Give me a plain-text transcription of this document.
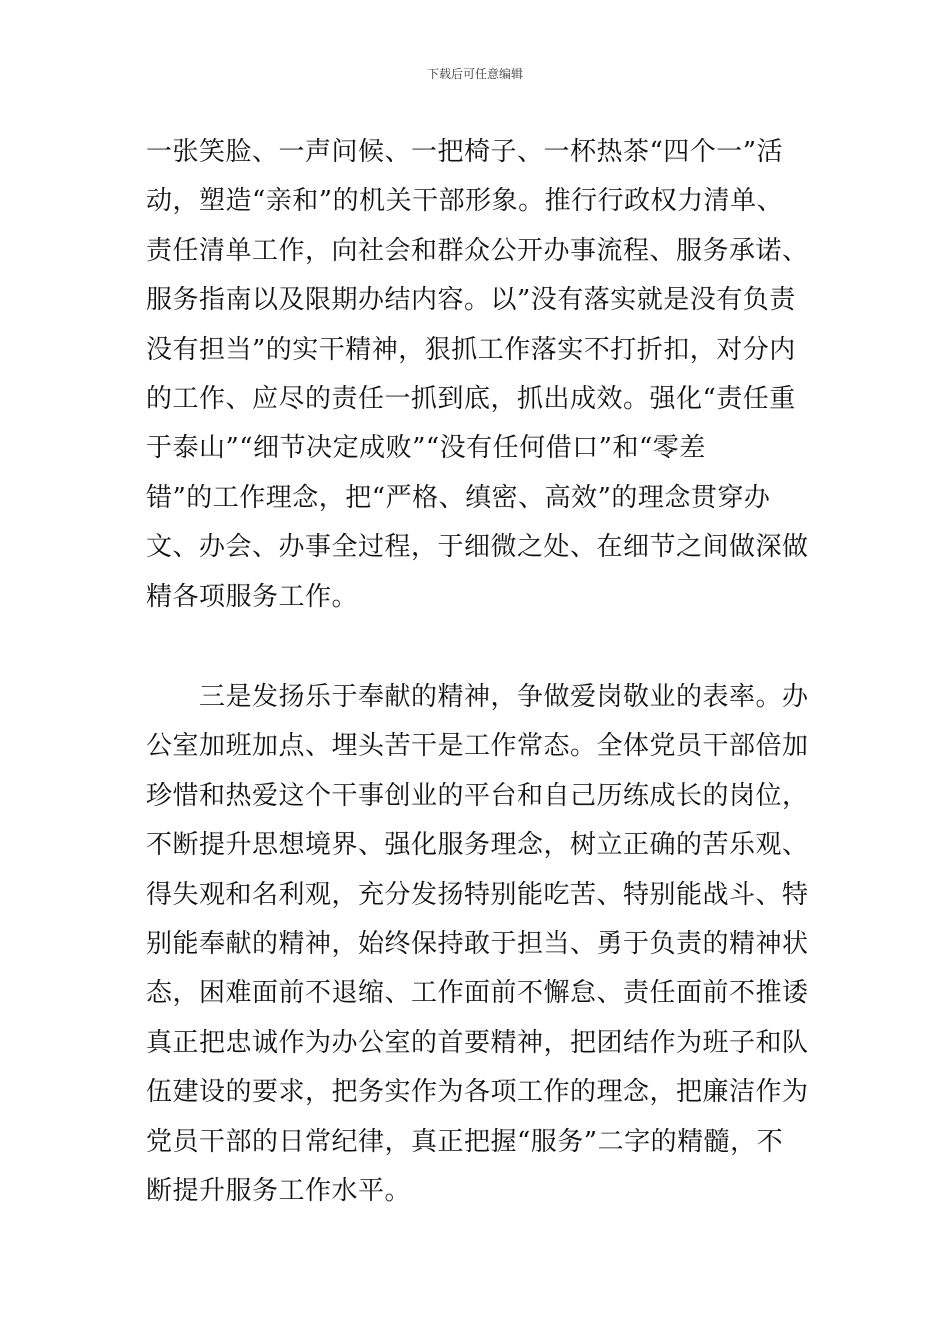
下载后可任意编辑
一张笑脸、一声问候、一把椅子、一杯热茶“四个一”活
动，塑造“亲和”的机关干部形象。推行行政权力清单、
责任清单工作，向社会和群众公开办事流程、服务承诺、
服务指南以及限期办结内容。以”没有落实就是没有负责
没有担当”的实干精神，狠抓工作落实不打折扣，对分内
的工作、应尽的责任一抓到底，抓出成效。强化“责任重
于泰山”“细节决定成败”“没有任何借口”和“零差
错”的工作理念，把“严格、缜密、高效”的理念贯穿办
文、办会、办事全过程，于细微之处、在细节之间做深做
精各项服务工作。
　　三是发扬乐于奉献的精神，争做爱岗敬业的表率。办
公室加班加点、埋头苦干是工作常态。全体党员干部倍加
珍惜和热爱这个干事创业的平台和自己历练成长的岗位，
不断提升思想境界、强化服务理念，树立正确的苦乐观、
得失观和名利观，充分发扬特别能吃苦、特别能战斗、特
别能奉献的精神，始终保持敢于担当、勇于负责的精神状
态，困难面前不退缩、工作面前不懈怠、责任面前不推诿
真正把忠诚作为办公室的首要精神，把团结作为班子和队
伍建设的要求，把务实作为各项工作的理念，把廉洁作为
党员干部的日常纪律，真正把握“服务”二字的精髓，不
断提升服务工作水平。
